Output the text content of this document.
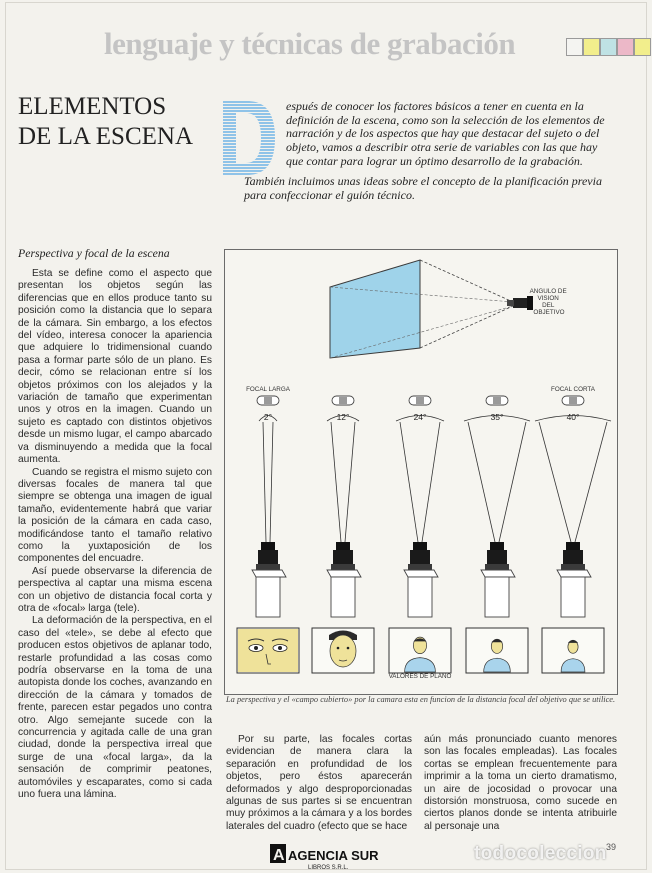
lenguaje y técnicas de grabación
ELEMENTOS
DE LA ESCENA
espués de conocer los factores básicos a tener en cuenta en la definición de la escena, como son la selección de los elementos de narración y de los aspectos que hay que destacar del sujeto o del objeto, vamos a describir otra serie de variables con las que hay que contar para lograr un óptimo desarrollo de la grabación.
También incluimos unas ideas sobre el concepto de la planificación previa para confeccionar el guión técnico.
Perspectiva y focal de la escena

Esta se define como el aspecto que presentan los objetos según las diferencias que en ellos produce tanto su posición como la distancia que lo separa de la cámara. Sin embargo, a los efectos del vídeo, interesa conocer la apariencia que adquiere lo tridimensional cuando pasa a formar parte sólo de un plano. Es decir, cómo se relacionan entre sí los objetos próximos con los alejados y la variación de tamaño que experimentan unos y otros en la imagen. Cuando un sujeto es captado con distintos objetivos desde un mismo lugar, el campo abarcado va disminuyendo a medida que la focal aumenta.

Cuando se registra el mismo sujeto con diversas focales de manera tal que siempre se obtenga una imagen de igual tamaño, evidentemente habrá que variar la posición de la cámara en cada caso, modificándose tanto el tamaño relativo como la yuxtaposición de los componentes del encuadre.

Así puede observarse la diferencia de perspectiva al captar una misma escena con un objetivo de distancia focal corta y otra de «focal» larga (tele).

La deformación de la perspectiva, en el caso del «tele», se debe al efecto que producen estos objetivos de aplanar todo, restarle profundidad a las cosas como podría observarse en la toma de una autopista donde los coches, avanzando en dirección de la cámara y tomados de frente, parecen estar pegados uno contra otro. Algo semejante sucede con la concurrencia y agitada calle de una gran ciudad, donde la perspectiva irreal que surge de una «focal larga», da la sensación de comprimir peatones, automóviles y escaparates, como si cada uno fuera una lámina.

ANGULO DE VISION DEL OBJETIVO
FOCAL LARGA	FOCAL CORTA
2°	12°	24°	35°	40°
VALORES DE PLANO
La perspectiva y el «campo cubierto» por la camara esta en funcion de la distancia focal del objetivo que se utilice.

Por su parte, las focales cortas evidencian de manera clara la separación en profundidad de los objetos, pero éstos aparecerán deformados y algo desproporcionadas algunas de sus partes si se encuentran muy próximos a la cámara y a los bordes laterales del cuadro (efecto que se hace

aún más pronunciado cuanto menores son las focales empleadas). Las focales cortas se emplean frecuentemente para imprimir a la toma un cierto dramatismo, un aire de jocosidad o provocar una distorsión monstruosa, como sucede en ciertos planos donde se intenta atribuirle al personaje una

A AGENCIA SUR
LIBROS S.R.L.
todocoleccion 39
